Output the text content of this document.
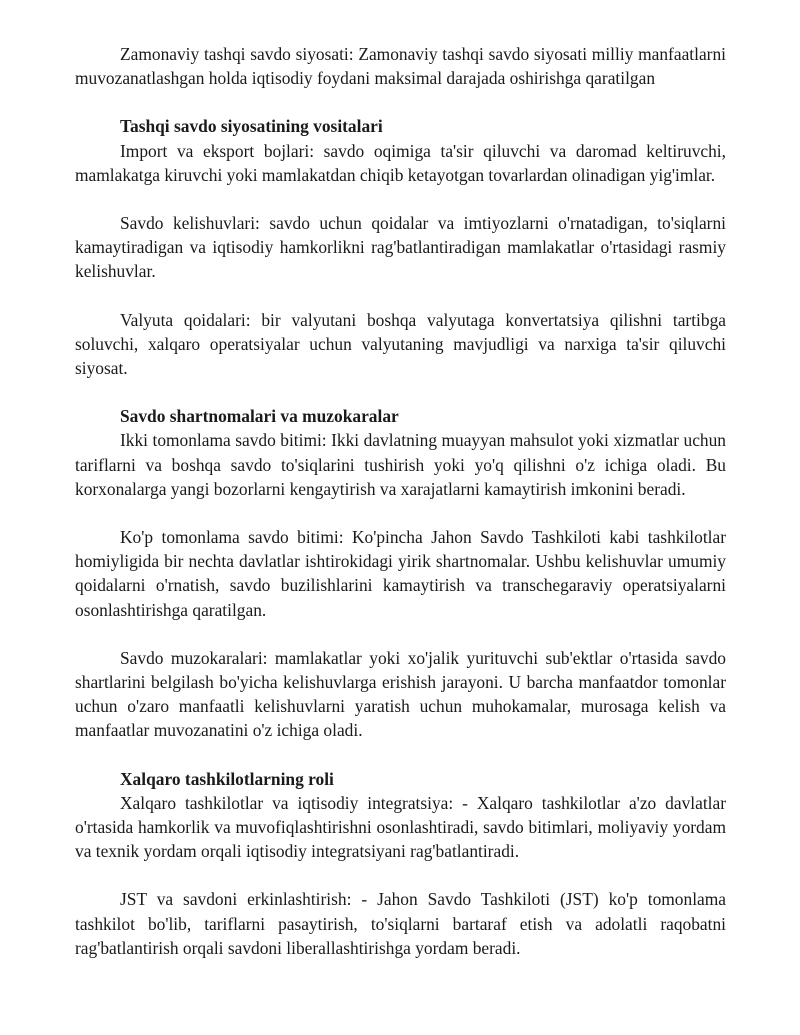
Zamonaviy tashqi savdo siyosati: Zamonaviy tashqi savdo siyosati milliy manfaatlarni muvozanatlashgan holda iqtisodiy foydani maksimal darajada oshirishga qaratilgan

Tashqi savdo siyosatining vositalari

Import va eksport bojlari: savdo oqimiga ta'sir qiluvchi va daromad keltiruvchi, mamlakatga kiruvchi yoki mamlakatdan chiqib ketayotgan tovarlardan olinadigan yig'imlar.

Savdo kelishuvlari: savdo uchun qoidalar va imtiyozlarni o'rnatadigan, to'siqlarni kamaytiradigan va iqtisodiy hamkorlikni rag'batlantiradigan mamlakatlar o'rtasidagi rasmiy kelishuvlar.

Valyuta qoidalari: bir valyutani boshqa valyutaga konvertatsiya qilishni tartibga soluvchi, xalqaro operatsiyalar uchun valyutaning mavjudligi va narxiga ta'sir qiluvchi siyosat.

Savdo shartnomalari va muzokaralar

Ikki tomonlama savdo bitimi: Ikki davlatning muayyan mahsulot yoki xizmatlar uchun tariflarni va boshqa savdo to'siqlarini tushirish yoki yo'q qilishni o'z ichiga oladi. Bu korxonalarga yangi bozorlarni kengaytirish va xarajatlarni kamaytirish imkonini beradi.

Ko'p tomonlama savdo bitimi: Ko'pincha Jahon Savdo Tashkiloti kabi tashkilotlar homiyligida bir nechta davlatlar ishtirokidagi yirik shartnomalar. Ushbu kelishuvlar umumiy qoidalarni o'rnatish, savdo buzilishlarini kamaytirish va transchegaraviy operatsiyalarni osonlashtirishga qaratilgan.

Savdo muzokaralari: mamlakatlar yoki xo'jalik yurituvchi sub'ektlar o'rtasida savdo shartlarini belgilash bo'yicha kelishuvlarga erishish jarayoni. U barcha manfaatdor tomonlar uchun o'zaro manfaatli kelishuvlarni yaratish uchun muhokamalar, murosaga kelish va manfaatlar muvozanatini o'z ichiga oladi.

Xalqaro tashkilotlarning roli

Xalqaro tashkilotlar va iqtisodiy integratsiya: - Xalqaro tashkilotlar a'zo davlatlar o'rtasida hamkorlik va muvofiqlashtirishni osonlashtiradi, savdo bitimlari, moliyaviy yordam va texnik yordam orqali iqtisodiy integratsiyani rag'batlantiradi.

JST va savdoni erkinlashtirish: - Jahon Savdo Tashkiloti (JST) ko'p tomonlama tashkilot bo'lib, tariflarni pasaytirish, to'siqlarni bartaraf etish va adolatli raqobatni rag'batlantirish orqali savdoni liberallashtirishga yordam beradi.
